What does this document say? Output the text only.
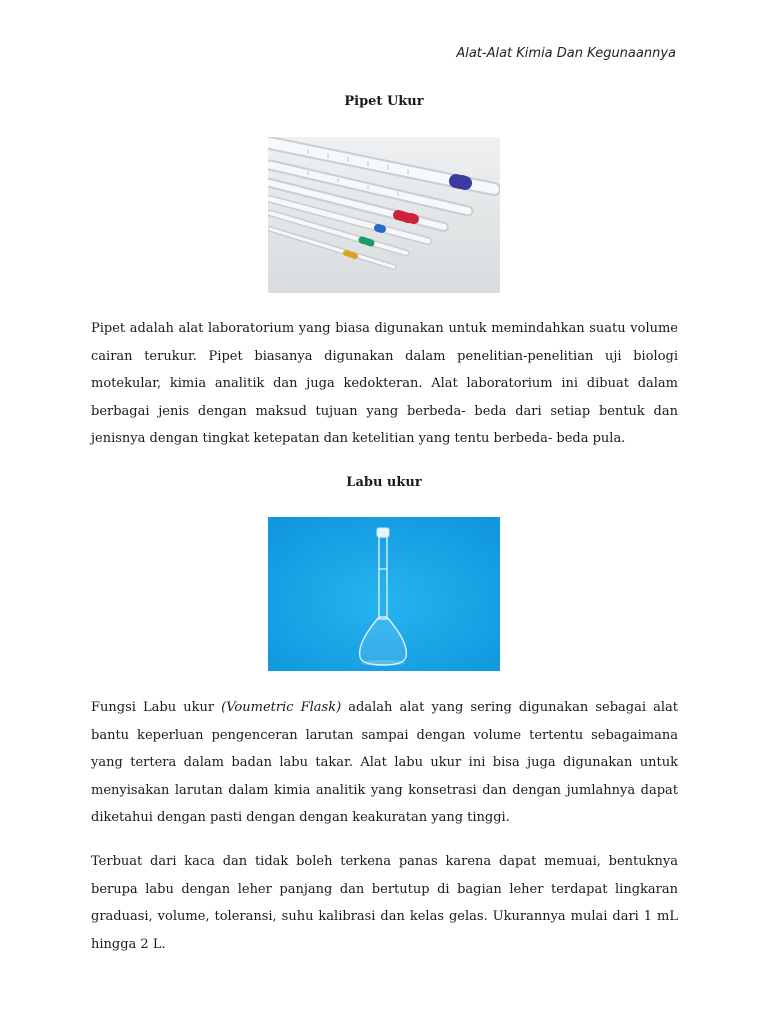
Alat-Alat Kimia Dan Kegunaannya
Pipet Ukur

Pipet adalah alat laboratorium yang biasa digunakan untuk memindahkan suatu volume cairan terukur. Pipet biasanya digunakan dalam penelitian-penelitian uji biologi motekular, kimia analitik dan juga kedokteran. Alat laboratorium ini dibuat dalam berbagai jenis dengan maksud tujuan yang berbeda- beda dari setiap bentuk dan jenisnya dengan tingkat ketepatan dan ketelitian yang tentu berbeda- beda pula.

Labu ukur

Fungsi Labu ukur (Voumetric Flask) adalah alat yang sering digunakan sebagai alat bantu keperluan pengenceran larutan sampai dengan volume tertentu sebagaimana yang tertera dalam badan labu takar. Alat labu ukur ini bisa juga digunakan untuk menyisakan larutan dalam kimia analitik yang konsetrasi dan dengan jumlahnya dapat diketahui dengan pasti dengan dengan keakuratan yang tinggi.

Terbuat dari kaca dan tidak boleh terkena panas karena dapat memuai, bentuknya berupa labu dengan leher panjang dan bertutup di bagian leher terdapat lingkaran graduasi, volume, toleransi, suhu kalibrasi dan kelas gelas. Ukurannya mulai dari 1 mL hingga 2 L.
